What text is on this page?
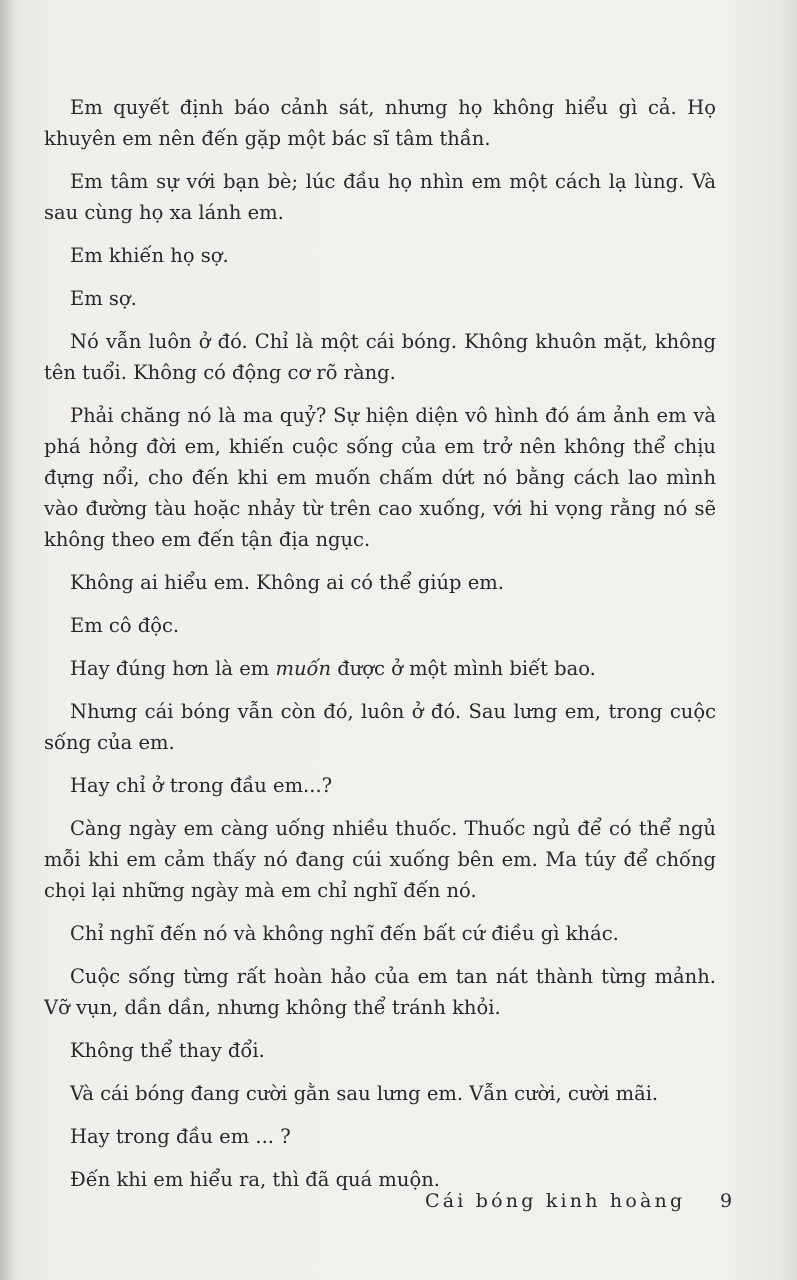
Em quyết định báo cảnh sát, nhưng họ không hiểu gì cả. Họ khuyên em nên đến gặp một bác sĩ tâm thần.

Em tâm sự với bạn bè; lúc đầu họ nhìn em một cách lạ lùng. Và sau cùng họ xa lánh em.

Em khiến họ sợ.

Em sợ.

Nó vẫn luôn ở đó. Chỉ là một cái bóng. Không khuôn mặt, không tên tuổi. Không có động cơ rõ ràng.

Phải chăng nó là ma quỷ? Sự hiện diện vô hình đó ám ảnh em và phá hỏng đời em, khiến cuộc sống của em trở nên không thể chịu đựng nổi, cho đến khi em muốn chấm dứt nó bằng cách lao mình vào đường tàu hoặc nhảy từ trên cao xuống, với hi vọng rằng nó sẽ không theo em đến tận địa ngục.

Không ai hiểu em. Không ai có thể giúp em.

Em cô độc.

Hay đúng hơn là em muốn được ở một mình biết bao.

Nhưng cái bóng vẫn còn đó, luôn ở đó. Sau lưng em, trong cuộc sống của em.

Hay chỉ ở trong đầu em...?

Càng ngày em càng uống nhiều thuốc. Thuốc ngủ để có thể ngủ mỗi khi em cảm thấy nó đang cúi xuống bên em. Ma túy để chống chọi lại những ngày mà em chỉ nghĩ đến nó.

Chỉ nghĩ đến nó và không nghĩ đến bất cứ điều gì khác.

Cuộc sống từng rất hoàn hảo của em tan nát thành từng mảnh. Vỡ vụn, dần dần, nhưng không thể tránh khỏi.

Không thể thay đổi.

Và cái bóng đang cười gằn sau lưng em. Vẫn cười, cười mãi.

Hay trong đầu em ... ?

Đến khi em hiểu ra, thì đã quá muộn.

Cái bóng kinh hoàng 9
